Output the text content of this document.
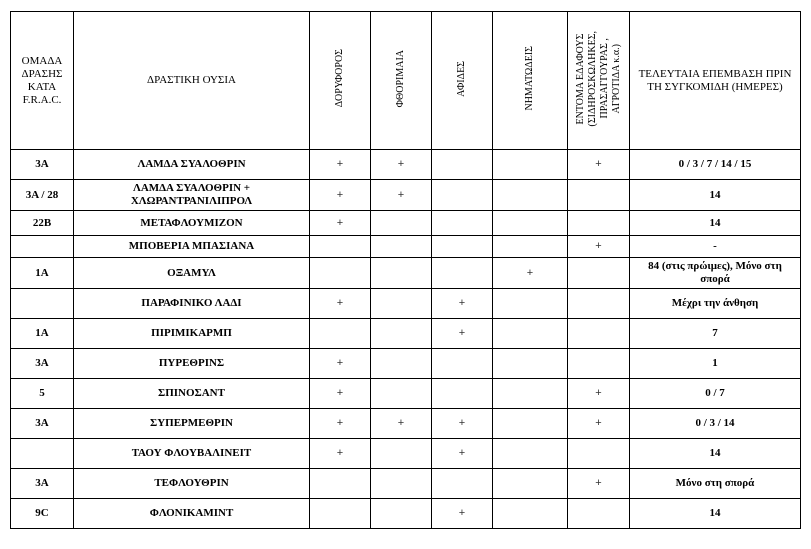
ΟΜΑΔΑ ΔΡΑΣΗΣ ΚΑΤΑ F.R.A.C.	ΔΡΑΣΤΙΚΗ ΟΥΣΙΑ	ΔΟΡΥΦΟΡΟΣ	ΦΘΟΡΙΜΑΙΑ	ΑΦΙΔΕΣ	ΝΗΜΑΤΩΔΕΙΣ	ΕΝΤΟΜΑ ΕΔΑΦΟΥΣ
(ΣΙΔΗΡΟΣΚΩΛΗΚΕΣ,
ΠΡΑΣΑΓΓΟΥΡΑΣ ,
ΑΓΡΟΤΙΔΑ κ.α.)	ΤΕΛΕΥΤΑΙΑ ΕΠΕΜΒΑΣΗ ΠΡΙΝ ΤΗ ΣΥΓΚΟΜΙΔΗ (ΗΜΕΡΕΣ)
3A	ΛΑΜΔΑ ΣΥΑΛΟΘΡΙΝ	+	+			+	0 / 3 / 7 / 14 / 15
3A / 28	ΛΑΜΔΑ ΣΥΑΛΟΘΡΙΝ + ΧΛΩΡΑΝΤΡΑΝΙΛΙΠΡΟΛ	+	+				14
22B	ΜΕΤΑΦΛΟΥΜΙΖΟΝ	+					14
	ΜΠΟΒΕΡΙΑ ΜΠΑΣΙΑΝΑ					+	-
1A	ΟΞΑΜΥΛ				+		84 (στις πρώιμες), Μόνο στη σπορά
	ΠΑΡΑΦΙΝΙΚΟ ΛΑΔΙ	+		+			Μέχρι την άνθηση
1A	ΠΙΡΙΜΙΚΑΡΜΠ			+			7
3A	ΠΥΡΕΘΡΙΝΣ	+					1
5	ΣΠΙΝΟΣΑΝΤ	+				+	0 / 7
3A	ΣΥΠΕΡΜΕΘΡΙΝ	+	+	+		+	0 / 3 / 14
	ΤΑΟΥ ΦΛΟΥΒΑΛΙΝΕΙΤ	+		+			14
3A	ΤΕΦΛΟΥΘΡΙΝ					+	Μόνο στη σπορά
9C	ΦΛΟΝΙΚΑΜΙΝΤ			+			14
